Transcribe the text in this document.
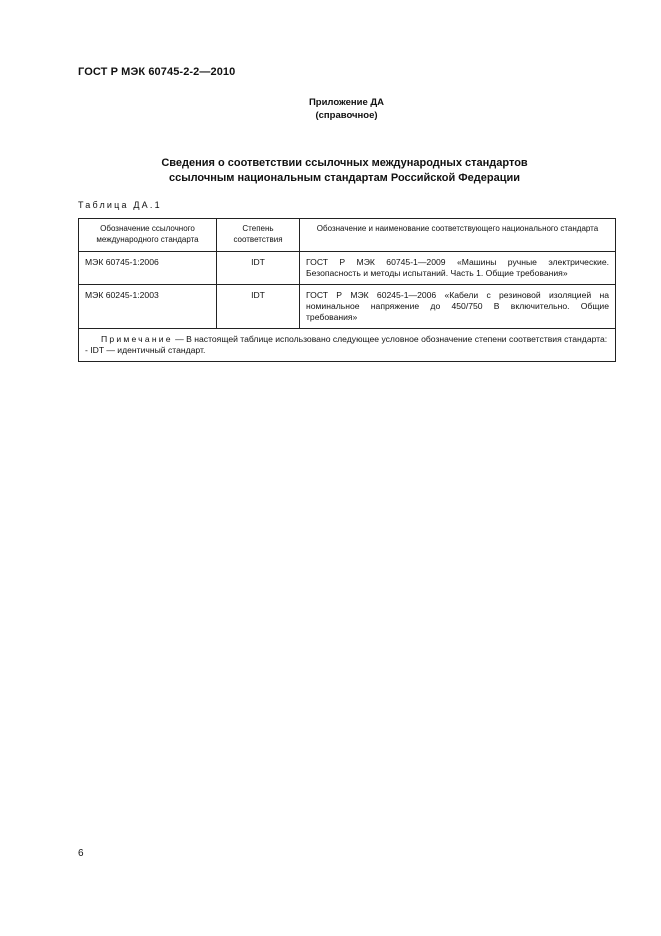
ГОСТ Р МЭК 60745-2-2—2010
Приложение ДА
(справочное)
Сведения о соответствии ссылочных международных стандартов
ссылочным национальным стандартам Российской Федерации
Таблица ДА.1
Обозначение ссылочного международного стандарта	Степень соответствия	Обозначение и наименование соответствующего национального стандарта
МЭК 60745-1:2006	IDT	ГОСТ Р МЭК 60745-1—2009 «Машины ручные электрические. Безопасность и методы испытаний. Часть 1. Общие требования»
МЭК 60245-1:2003	IDT	ГОСТ Р МЭК 60245-1—2006 «Кабели с резиновой изоляцией на номинальное напряжение до 450/750 В включительно. Общие требования»

Примечание — В настоящей таблице использовано следующее условное обозначение степени соответствия стандарта:
- IDT — идентичный стандарт.		
6
